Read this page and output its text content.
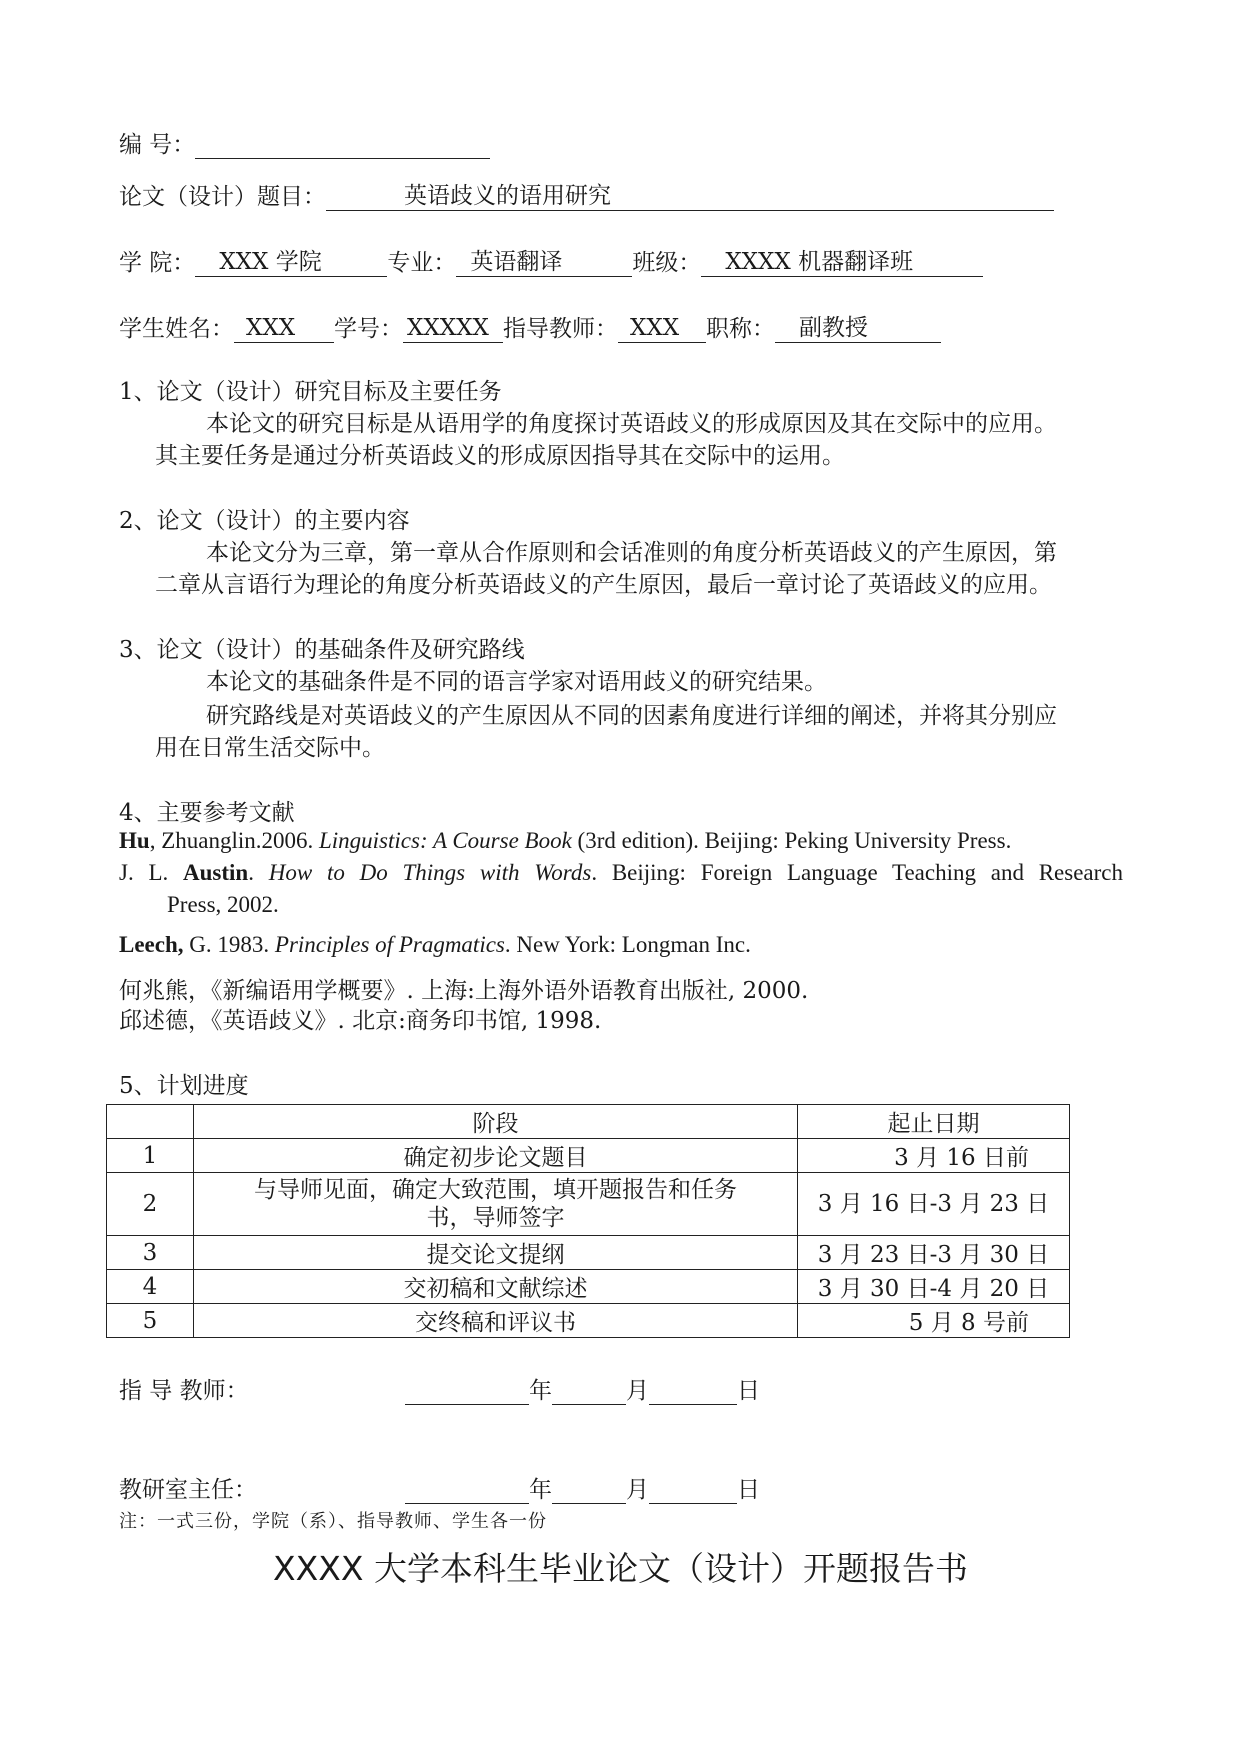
编 号：
论文（设计）题目：	英语歧义的语用研究
学 院： XXX 学院	专业： 英语翻译	班级： XXXX 机器翻译班
学生姓名： XXX 学号： XXXXX 指导教师： XXX 职称： 副教授
1、论文（设计）研究目标及主要任务
本论文的研究目标是从语用学的角度探讨英语歧义的形成原因及其在交际中的应用。
其主要任务是通过分析英语歧义的形成原因指导其在交际中的运用。
2、论文（设计）的主要内容
本论文分为三章，第一章从合作原则和会话准则的角度分析英语歧义的产生原因，第
二章从言语行为理论的角度分析英语歧义的产生原因，最后一章讨论了英语歧义的应用。
3、论文（设计）的基础条件及研究路线
本论文的基础条件是不同的语言学家对语用歧义的研究结果。
研究路线是对英语歧义的产生原因从不同的因素角度进行详细的阐述，并将其分别应
用在日常生活交际中。
4、主要参考文献
Hu, Zhuanglin.2006. Linguistics: A Course Book (3rd edition). Beijing: Peking University Press.
J. L. Austin. How to Do Things with Words. Beijing: Foreign Language Teaching and Research
Press, 2002.
Leech, G. 1983. Principles of Pragmatics. New York: Longman Inc.
何兆熊，《新编语用学概要》. 上海:上海外语外语教育出版社, 2000.
邱述德，《英语歧义》. 北京:商务印书馆, 1998.
5、计划进度
	阶段	起止日期
1	确定初步论文题目	3 月 16 日前
2	与导师见面，确定大致范围，填开题报告和任务书，导师签字	3 月 16 日-3 月 23 日
3	提交论文提纲	3 月 23 日-3 月 30 日
4	交初稿和文献综述	3 月 30 日-4 月 20 日
5	交终稿和评议书	5 月 8 号前
指 导 教师：	年	月	日
教研室主任：	年	月	日
注：一式三份，学院（系）、指导教师、学生各一份
XXXX 大学本科生毕业论文（设计）开题报告书
